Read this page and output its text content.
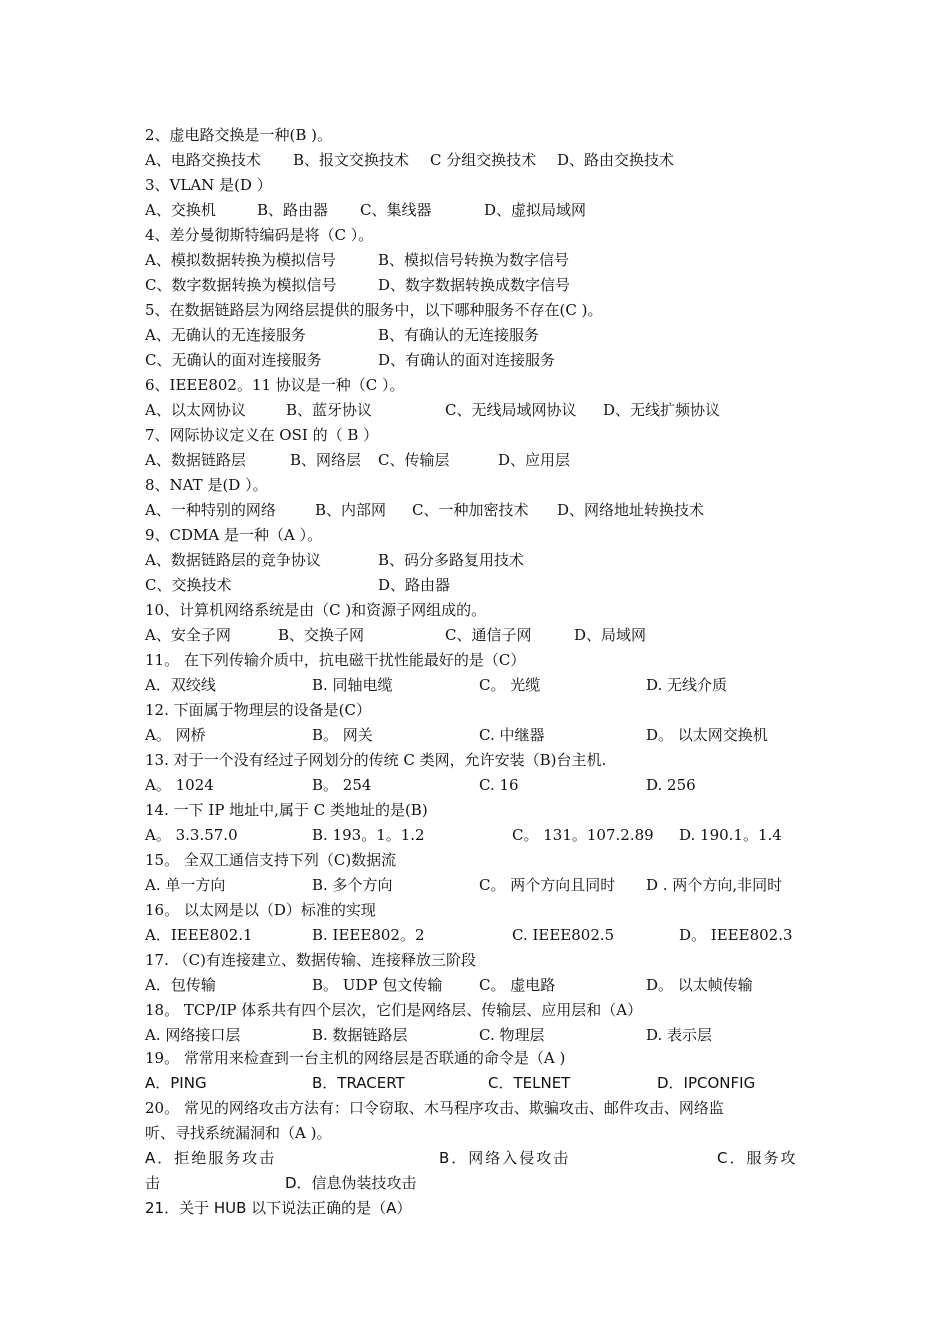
2、虚电路交换是一种(B )。
A、电路交换技术 B、报文交换技术 C 分组交换技术 D、路由交换技术
3、VLAN 是(D ）
A、交换机	B、路由器 C、集线器	D、虚拟局域网
4、差分曼彻斯特编码是将（C ）。
A、模拟数据转换为模拟信号	B、模拟信号转换为数字信号
C、数字数据转换为模拟信号	D、数字数据转换成数字信号
5、在数据链路层为网络层提供的服务中，以下哪种服务不存在(C )。
A、无确认的无连接服务	B、有确认的无连接服务
C、无确认的面对连接服务	D、有确认的面对连接服务
6、IEEE802。11 协议是一种（C ）。
A、以太网协议	B、蓝牙协议	C、无线局域网协议 D、无线扩频协议
7、网际协议定义在 OSI 的（ B ）
A、数据链路层	B、网络层 C、传输层	D、应用层
8、NAT 是(D ）。
A、一种特别的网络	B、内部网 C、一种加密技术 D、网络地址转换技术
9、CDMA 是一种（A ）。
A、数据链路层的竞争协议	B、码分多路复用技术
C、交换技术	D、路由器
10、计算机网络系统是由（C )和资源子网组成的。
A、安全子网	B、交换子网	C、通信子网	D、局域网
11。 在下列传输介质中，抗电磁干扰性能最好的是（C）
A．双绞线	B. 同轴电缆	C。 光缆	D. 无线介质
12. 下面属于物理层的设备是(C）
A。 网桥	B。 网关	C. 中继器	D。 以太网交换机
13. 对于一个没有经过子网划分的传统 C 类网，允许安装（B)台主机.
A。 1024	B。 254	C. 16	D. 256
14. 一下 IP 地址中,属于 C 类地址的是(B)
A。 3.3.57.0	B. 193。1。1.2	C。 131。107.2.89 D. 190.1。1.4
15。 全双工通信支持下列（C)数据流
A. 单一方向	B. 多个方向	C。 两个方向且同时 D . 两个方向,非同时
16。 以太网是以（D）标准的实现
A．IEEE802.1	B. IEEE802。2	C. IEEE802.5	D。 IEEE802.3
17. （C)有连接建立、数据传输、连接释放三阶段
A．包传输	B。 UDP 包文传输 C。 虚电路	D。 以太帧传输
18。 TCP/IP 体系共有四个层次，它们是网络层、传输层、应用层和（A）
A. 网络接口层	B. 数据链路层	C. 物理层	D. 表示层
19。 常常用来检查到一台主机的网络层是否联通的命令是（A )
A．PING	B．TRACERT	C．TELNET	D．IPCONFIG
20。 常见的网络攻击方法有：口令窃取、木马程序攻击、欺骗攻击、邮件攻击、网络监
听、寻找系统漏洞和（A )。
A．拒绝服务攻击	B．网络入侵攻击	C．服务攻
击	D．信息伪装技攻击
21．关于 HUB 以下说法正确的是（A）
